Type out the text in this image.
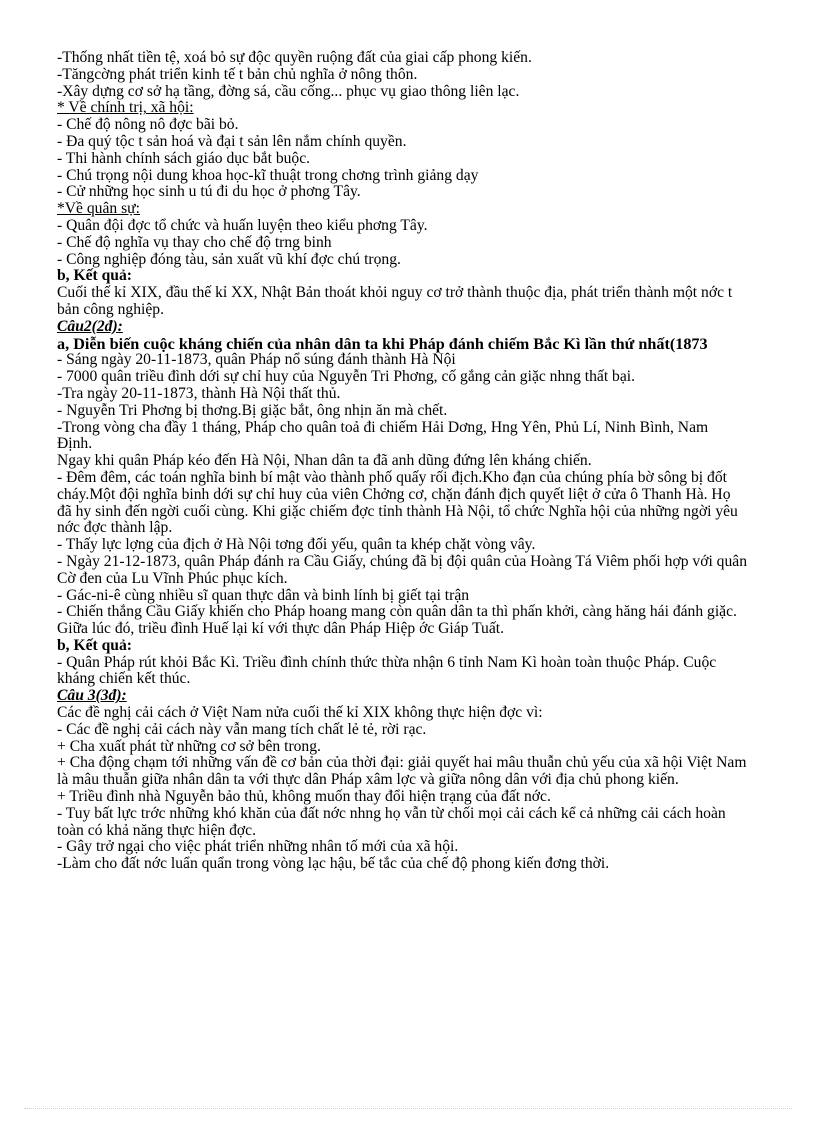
-Thống nhất tiền tệ, xoá bỏ sự độc quyền ruộng đất của giai cấp phong kiến.
-Tăngcờng phát triển kinh tế t bản chủ nghĩa ở nông thôn.
-Xây dựng cơ sở hạ tầng, đờng sá, cầu cống... phục vụ giao thông liên lạc.
* Về chính trị, xã hội:
- Chế độ nông nô đợc bãi bỏ.
- Đa quý tộc t sản hoá và đại t sản lên nắm chính quyền.
- Thi hành chính sách giáo dục bắt buộc.
- Chú trọng nội dung khoa học-kĩ thuật trong chơng trình giảng dạy
- Cử những học sinh u tú đi du học ở phơng Tây.
*Về quân sự:
- Quân đội đợc tổ chức và huấn luyện theo kiểu phơng Tây.
- Chế độ nghĩa vụ thay cho chế độ trng binh
- Công nghiệp đóng tàu, sản xuất vũ khí đợc chú trọng.
b, Kết quả:
Cuối thế kỉ XIX, đầu thế kỉ XX, Nhật Bản thoát khỏi nguy cơ trở thành thuộc địa, phát triển thành một nớc t bản công nghiệp.
Câu2(2đ):
a, Diễn biến cuộc kháng chiến của nhân dân ta khi Pháp đánh chiếm Bắc Kì lần thứ nhất(1873
- Sáng ngày 20-11-1873, quân Pháp nổ súng đánh thành Hà Nội
- 7000 quân triều đình dới sự chỉ huy của Nguyễn Tri Phơng, cố gắng cản giặc nhng thất bại.
-Tra ngày 20-11-1873, thành Hà Nội thất thủ.
- Nguyễn Tri Phơng bị thơng.Bị giặc bắt, ông nhịn ăn mà chết.
-Trong vòng cha đầy 1 tháng, Pháp cho quân toả đi chiếm Hải Dơng, Hng Yên, Phủ Lí, Ninh Bình, Nam Định.
Ngay khi quân Pháp kéo đến Hà Nội, Nhan dân ta đã anh dũng đứng lên kháng chiến.
- Đêm đêm, các toán nghĩa binh bí mật vào thành phố quấy rối địch.Kho đạn của chúng phía bờ sông bị đốt cháy.Một đội nghĩa binh dới sự chỉ huy của viên Chởng cơ, chặn đánh địch quyết liệt ở cửa ô Thanh Hà. Họ đã hy sinh đến ngời cuối cùng. Khi giặc chiếm đợc tỉnh thành Hà Nội, tổ chức Nghĩa hội của những ngời yêu nớc đợc thành lập.
- Thấy lực lợng của địch ở Hà Nội tơng đối yếu, quân ta khép chặt vòng vây.
- Ngày 21-12-1873, quân Pháp đánh ra Cầu Giấy, chúng đã bị đội quân của Hoàng Tá Viêm phối hợp với quân Cờ đen của Lu Vĩnh Phúc phục kích.
- Gác-ni-ê cùng nhiều sĩ quan thực dân và binh lính bị giết tại trận
- Chiến thắng Cầu Giấy khiến cho Pháp hoang mang còn quân dân ta thì phấn khởi, càng hăng hái đánh giặc. Giữa lúc đó, triều đình Huế lại kí với thực dân Pháp Hiệp ớc Giáp Tuất.
b, Kết quả:
- Quân Pháp rút khỏi Bắc Kì. Triều đình chính thức thừa nhận 6 tỉnh Nam Kì hoàn toàn thuộc Pháp. Cuộc kháng chiến kết thúc.
Câu 3(3đ):
Các đề nghị cải cách ở Việt Nam nửa cuối thế kỉ XIX không thực hiện đợc vì:
- Các đề nghị cải cách này vẫn mang tích chất lẻ tẻ, rời rạc.
+ Cha xuất phát từ những cơ sở bên trong.
+ Cha động chạm tới những vấn đề cơ bản của thời đại: giải quyết hai mâu thuẫn chủ yếu của xã hội Việt Nam là mâu thuẫn giữa nhân dân ta với thực dân Pháp xâm lợc và giữa nông dân với địa chủ phong kiến.
+ Triều đình nhà Nguyễn bảo thủ, không muốn thay đổi hiện trạng của đất nớc.
- Tuy bất lực trớc những khó khăn của đất nớc nhng họ vẫn từ chối mọi cải cách kể cả những cải cách hoàn toàn có khả năng thực hiện đợc.
- Gây trở ngại cho việc phát triển những nhân tố mới của xã hội.
-Làm cho đất nớc luẩn quẩn trong vòng lạc hậu, bế tắc của chế độ phong kiến đơng thời.
